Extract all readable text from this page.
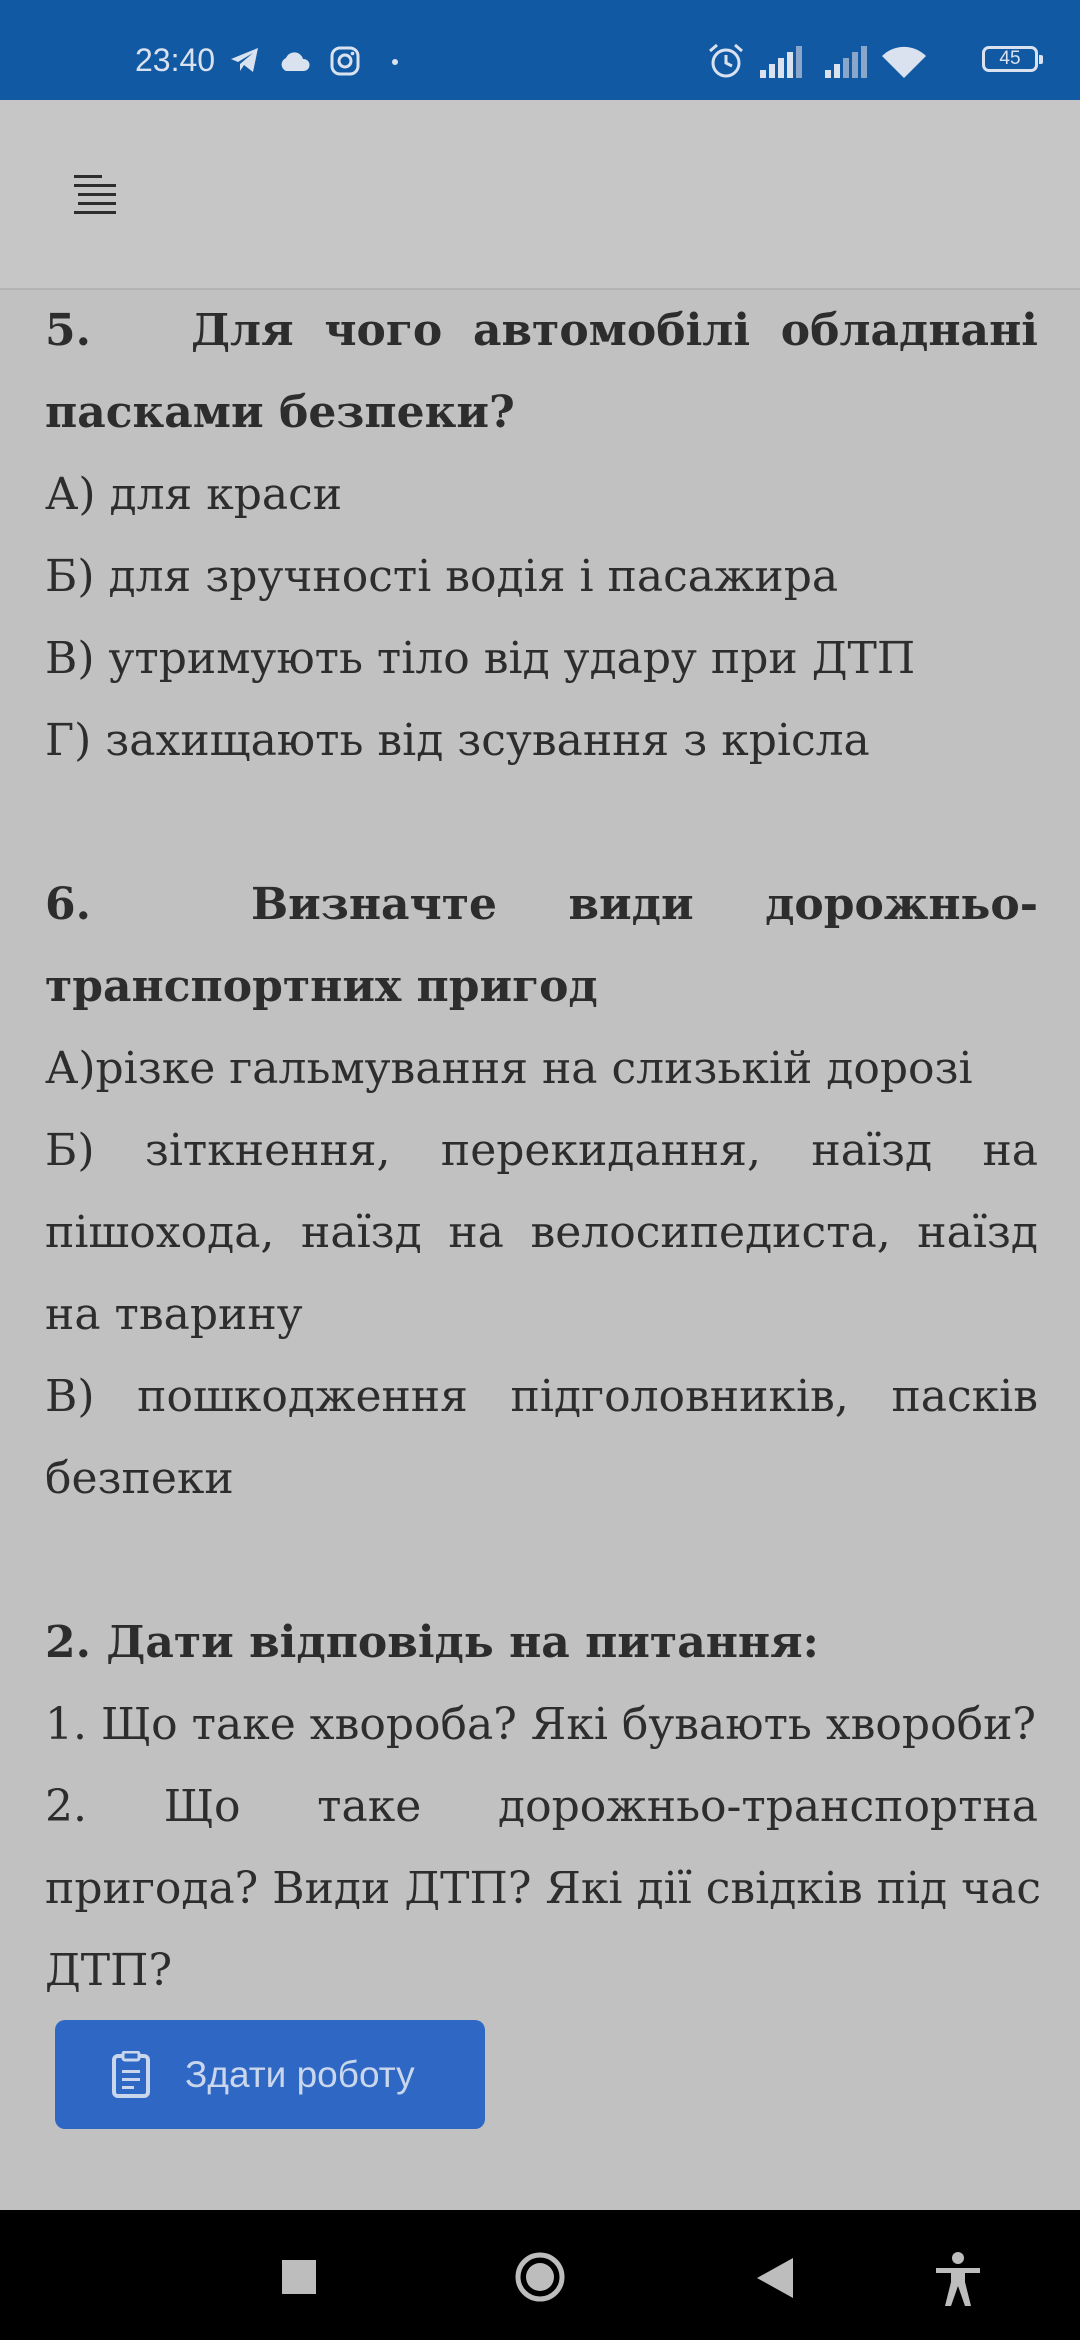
23:40	45
5. Для чого автомобілі обладнані
пасками безпеки?
А) для краси
Б) для зручності водія і пасажира
В) утримують тіло від удару при ДТП
Г) захищають від зсування з крісла
6.	Визначте види дорожньо-
транспортних пригод
А)різке гальмування на слизькій дорозі
Б) зіткнення, перекидання, наїзд на
пішохода, наїзд на велосипедиста, наїзд
на тварину
В) пошкодження підголовників, пасків
безпеки
2. Дати відповідь на питання:
1. Що таке хвороба? Які бувають хвороби?
2. Що таке дорожньо-транспортна
пригода? Види ДТП? Які дії свідків під час
ДТП?
Здати роботу
